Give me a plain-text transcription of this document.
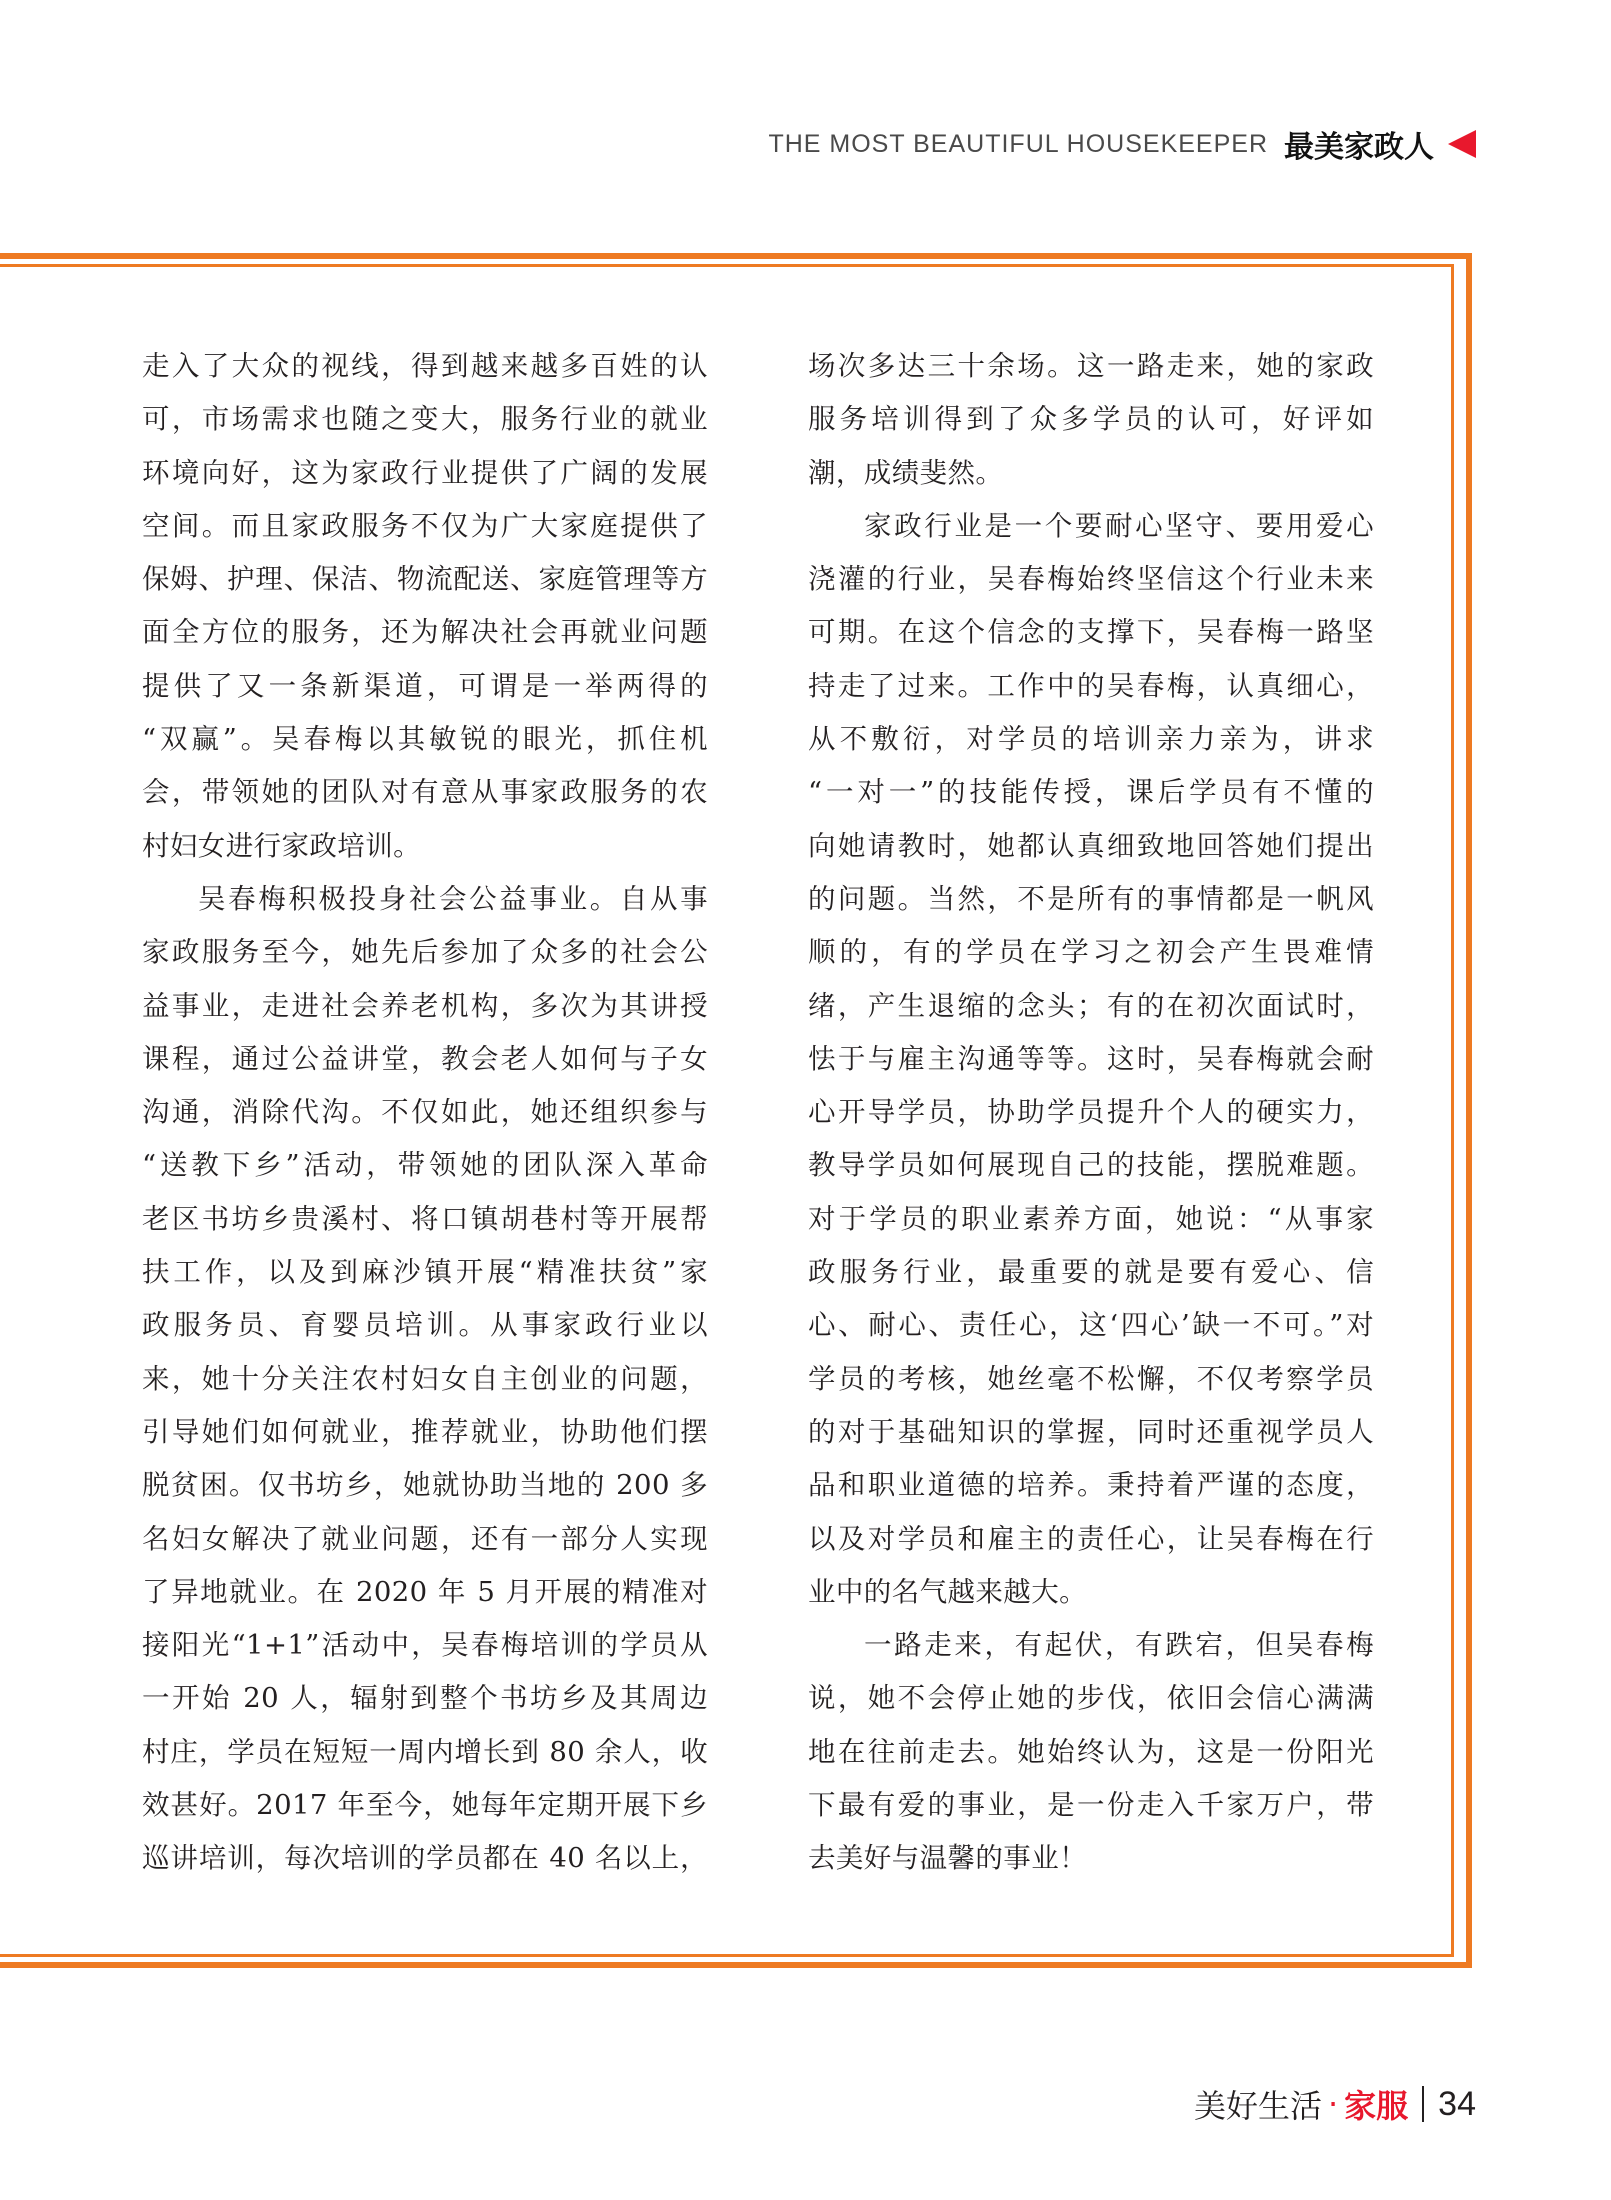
THE MOST BEAUTIFUL HOUSEKEEPER 最美家政人
走入了大众的视线，得到越来越多百姓的认
可，市场需求也随之变大，服务行业的就业
环境向好，这为家政行业提供了广阔的发展
空间。而且家政服务不仅为广大家庭提供了
保姆、护理、保洁、物流配送、家庭管理等方
面全方位的服务，还为解决社会再就业问题
提供了又一条新渠道，可谓是一举两得的
“双赢”。吴春梅以其敏锐的眼光，抓住机
会，带领她的团队对有意从事家政服务的农
村妇女进行家政培训。
吴春梅积极投身社会公益事业。自从事
家政服务至今，她先后参加了众多的社会公
益事业，走进社会养老机构，多次为其讲授
课程，通过公益讲堂，教会老人如何与子女
沟通，消除代沟。不仅如此，她还组织参与
“送教下乡”活动，带领她的团队深入革命
老区书坊乡贵溪村、将口镇胡巷村等开展帮
扶工作，以及到麻沙镇开展“精准扶贫”家
政服务员、育婴员培训。从事家政行业以
来，她十分关注农村妇女自主创业的问题，
引导她们如何就业，推荐就业，协助他们摆
脱贫困。仅书坊乡，她就协助当地的 200 多
名妇女解决了就业问题，还有一部分人实现
了异地就业。在 2020 年 5 月开展的精准对
接阳光“1+1”活动中，吴春梅培训的学员从
一开始 20 人，辐射到整个书坊乡及其周边
村庄，学员在短短一周内增长到 80 余人，收
效甚好。2017 年至今，她每年定期开展下乡
巡讲培训，每次培训的学员都在 40 名以上，
场次多达三十余场。这一路走来，她的家政
服务培训得到了众多学员的认可，好评如
潮，成绩斐然。
家政行业是一个要耐心坚守、要用爱心
浇灌的行业，吴春梅始终坚信这个行业未来
可期。在这个信念的支撑下，吴春梅一路坚
持走了过来。工作中的吴春梅，认真细心，
从不敷衍，对学员的培训亲力亲为，讲求
“一对一”的技能传授，课后学员有不懂的
向她请教时，她都认真细致地回答她们提出
的问题。当然，不是所有的事情都是一帆风
顺的，有的学员在学习之初会产生畏难情
绪，产生退缩的念头；有的在初次面试时，
怯于与雇主沟通等等。这时，吴春梅就会耐
心开导学员，协助学员提升个人的硬实力，
教导学员如何展现自己的技能，摆脱难题。
对于学员的职业素养方面，她说：“从事家
政服务行业，最重要的就是要有爱心、信
心、耐心、责任心，这‘四心’缺一不可。”对
学员的考核，她丝毫不松懈，不仅考察学员
的对于基础知识的掌握，同时还重视学员人
品和职业道德的培养。秉持着严谨的态度，
以及对学员和雇主的责任心，让吴春梅在行
业中的名气越来越大。
一路走来，有起伏，有跌宕，但吴春梅
说，她不会停止她的步伐，依旧会信心满满
地在往前走去。她始终认为，这是一份阳光
下最有爱的事业，是一份走入千家万户，带
去美好与温馨的事业！
美好生活 · 家服 34
